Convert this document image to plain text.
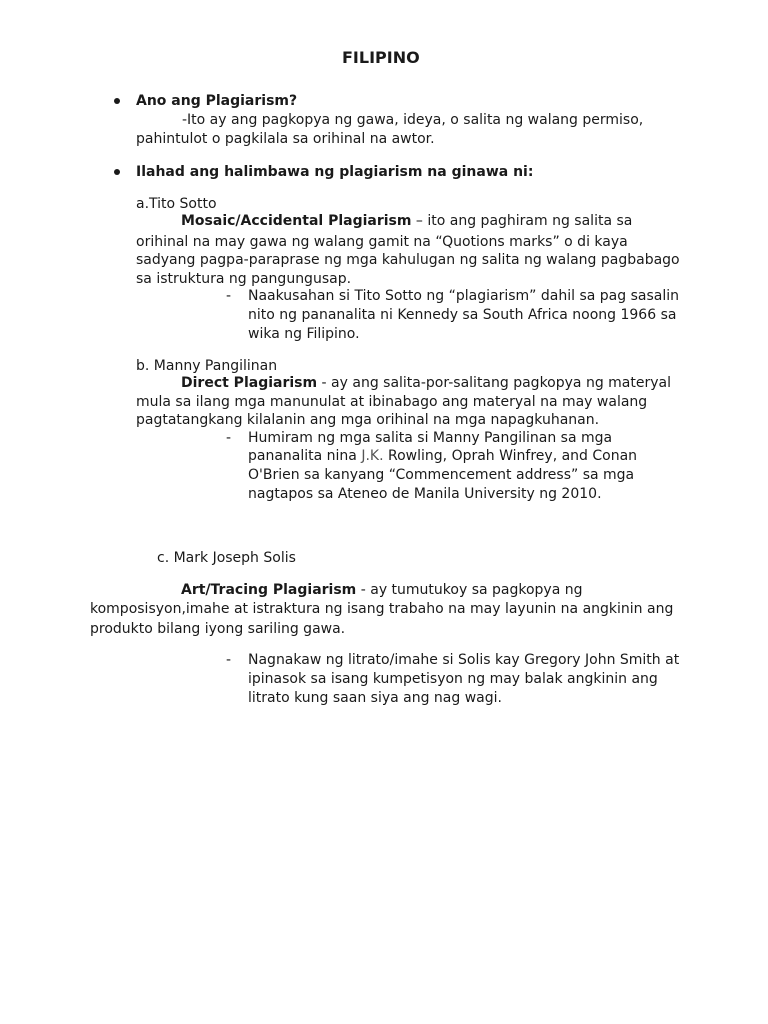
FILIPINO
Ano ang Plagiarism?
-Ito ay ang pagkopya ng gawa, ideya, o salita ng walang permiso,
pahintulot o pagkilala sa orihinal na awtor.
Ilahad ang halimbawa ng plagiarism na ginawa ni:
a.Tito Sotto
Mosaic/Accidental Plagiarism – ito ang paghiram ng salita sa
orihinal na may gawa ng walang gamit na “Quotions marks” o di kaya
sadyang pagpa-paraprase ng mga kahulugan ng salita ng walang pagbabago
sa istruktura ng pangungusap.
- Naakusahan si Tito Sotto ng “plagiarism” dahil sa pag sasalin
nito ng pananalita ni Kennedy sa South Africa noong 1966 sa
wika ng Filipino.
b. Manny Pangilinan
Direct Plagiarism - ay ang salita-por-salitang pagkopya ng materyal
mula sa ilang mga manunulat at ibinabago ang materyal na may walang
pagtatangkang kilalanin ang mga orihinal na mga napagkuhanan.
- Humiram ng mga salita si Manny Pangilinan sa mga
pananalita nina J.K. Rowling, Oprah Winfrey, and Conan
O'Brien sa kanyang “Commencement address” sa mga
nagtapos sa Ateneo de Manila University ng 2010.
c. Mark Joseph Solis
Art/Tracing Plagiarism - ay tumutukoy sa pagkopya ng
komposisyon,imahe at istraktura ng isang trabaho na may layunin na angkinin ang
produkto bilang iyong sariling gawa.
- Nagnakaw ng litrato/imahe si Solis kay Gregory John Smith at
ipinasok sa isang kumpetisyon ng may balak angkinin ang
litrato kung saan siya ang nag wagi.
